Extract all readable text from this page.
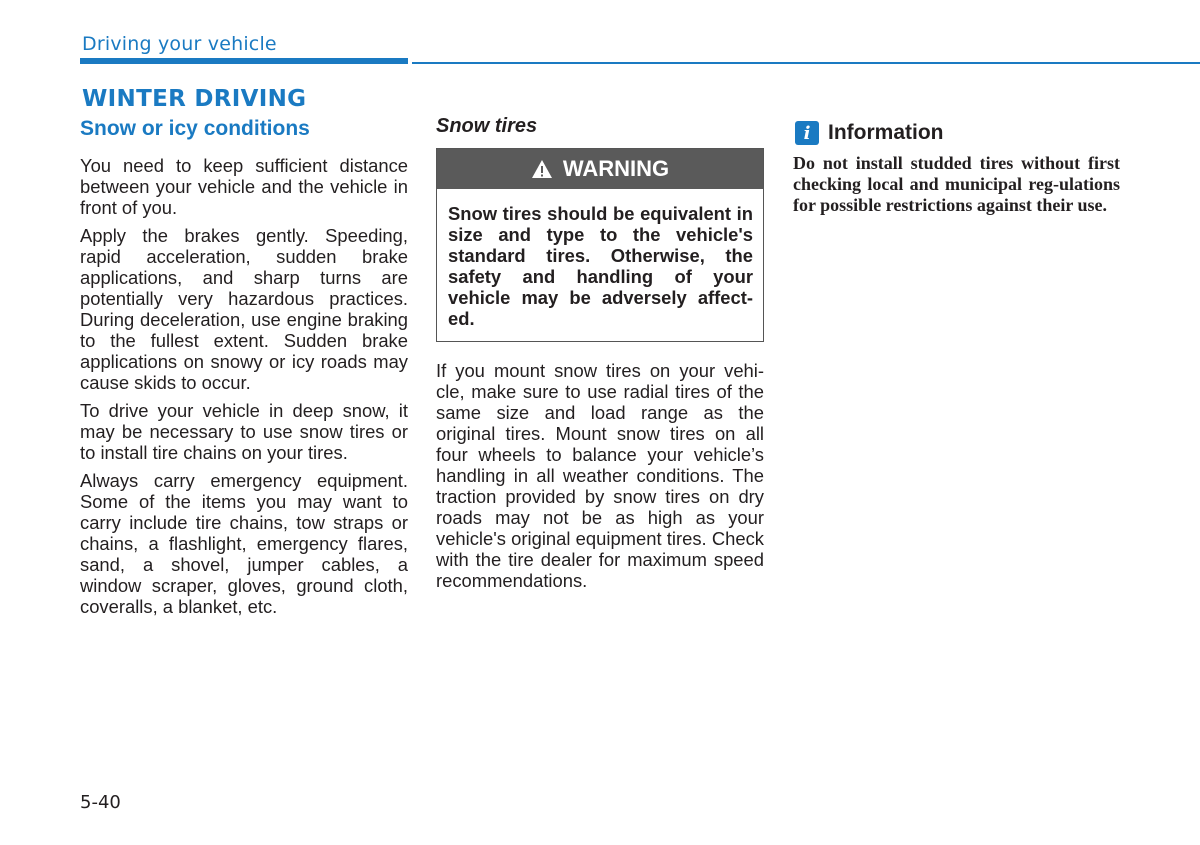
Driving your vehicle
WINTER DRIVING
Snow or icy conditions

You need to keep sufficient distance between your vehicle and the vehicle in front of you.

Apply the brakes gently. Speeding, rapid acceleration, sudden brake applications, and sharp turns are potentially very hazardous practices. During deceleration, use engine braking to the fullest extent. Sudden brake applications on snowy or icy roads may cause skids to occur.

To drive your vehicle in deep snow, it may be necessary to use snow tires or to install tire chains on your tires.

Always carry emergency equipment. Some of the items you may want to carry include tire chains, tow straps or chains, a flashlight, emergency flares, sand, a shovel, jumper cables, a window scraper, gloves, ground cloth, coveralls, a blanket, etc.

Snow tires
WARNING
Snow tires should be equivalent in size and type to the vehicle's standard tires. Otherwise, the safety and handling of your vehicle may be adversely affect-ed.

If you mount snow tires on your vehi-cle, make sure to use radial tires of the same size and load range as the original tires. Mount snow tires on all four wheels to balance your vehicle’s handling in all weather conditions. The traction provided by snow tires on dry roads may not be as high as your vehicle's original equipment tires. Check with the tire dealer for maximum speed recommendations.

i Information
Do not install studded tires without first checking local and municipal reg-ulations for possible restrictions against their use.
5-40
